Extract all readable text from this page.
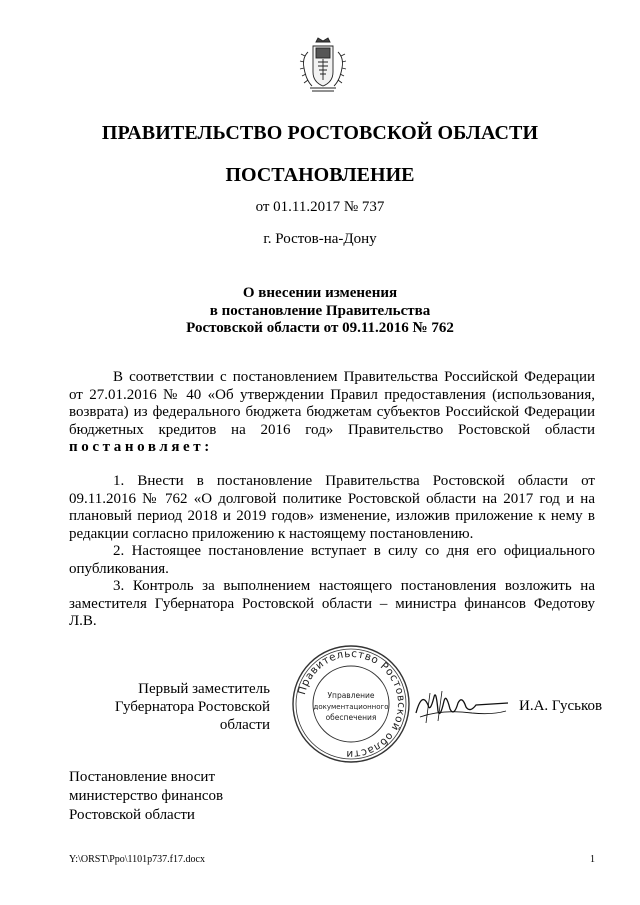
ПРАВИТЕЛЬСТВО РОСТОВСКОЙ ОБЛАСТИ
ПОСТАНОВЛЕНИЕ
от 01.11.2017 № 737
г. Ростов-на-Дону
О внесении изменения
в постановление Правительства
Ростовской области от 09.11.2016 № 762

В соответствии с постановлением Правительства Российской Федерации от 27.01.2016 № 40 «Об утверждении Правил предоставления (использования, возврата) из федерального бюджета бюджетам субъектов Российской Федерации бюджетных кредитов на 2016 год» Правительство Ростовской области постановляет:

1. Внести в постановление Правительства Ростовской области от 09.11.2016 № 762 «О долговой политике Ростовской области на 2017 год и на плановый период 2018 и 2019 годов» изменение, изложив приложение к нему в редакции согласно приложению к настоящему постановлению.

2. Настоящее постановление вступает в силу со дня его официального опубликования.

3. Контроль за выполнением настоящего постановления возложить на заместителя Губернатора Ростовской области – министра финансов Федотову Л.В.

Первый заместитель
Губернатора Ростовской области
Правительство Ростовской области
Управление
документационного
обеспечения
И.А. Гуськов
Постановление вносит
министерство финансов
Ростовской области
Y:\ORST\Ppo\1101p737.f17.docx	1
